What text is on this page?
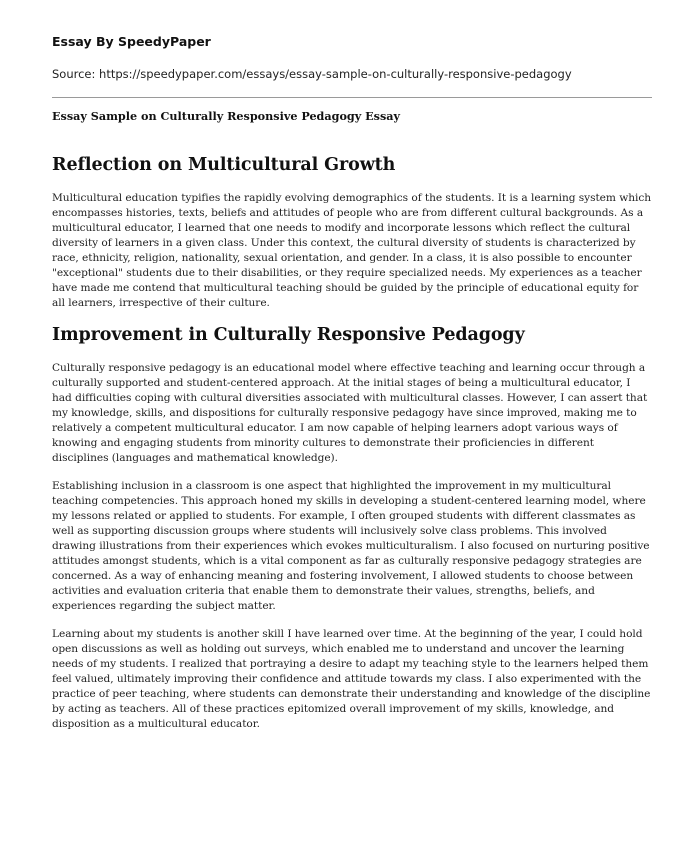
Essay By SpeedyPaper
Source: https://speedypaper.com/essays/essay-sample-on-culturally-responsive-pedagogy
Essay Sample on Culturally Responsive Pedagogy Essay
Reflection on Multicultural Growth

Multicultural education typifies the rapidly evolving demographics of the students. It is a learning system which encompasses histories, texts, beliefs and attitudes of people who are from different cultural backgrounds. As a multicultural educator, I learned that one needs to modify and incorporate lessons which reflect the cultural diversity of learners in a given class. Under this context, the cultural diversity of students is characterized by race, ethnicity, religion, nationality, sexual orientation, and gender. In a class, it is also possible to encounter "exceptional" students due to their disabilities, or they require specialized needs. My experiences as a teacher have made me contend that multicultural teaching should be guided by the principle of educational equity for all learners, irrespective of their culture.

Improvement in Culturally Responsive Pedagogy

Culturally responsive pedagogy is an educational model where effective teaching and learning occur through a culturally supported and student-centered approach. At the initial stages of being a multicultural educator, I had difficulties coping with cultural diversities associated with multicultural classes. However, I can assert that my knowledge, skills, and dispositions for culturally responsive pedagogy have since improved, making me to relatively a competent multicultural educator. I am now capable of helping learners adopt various ways of knowing and engaging students from minority cultures to demonstrate their proficiencies in different disciplines (languages and mathematical knowledge).

Establishing inclusion in a classroom is one aspect that highlighted the improvement in my multicultural teaching competencies. This approach honed my skills in developing a student-centered learning model, where my lessons related or applied to students. For example, I often grouped students with different classmates as well as supporting discussion groups where students will inclusively solve class problems. This involved drawing illustrations from their experiences which evokes multiculturalism. I also focused on nurturing positive attitudes amongst students, which is a vital component as far as culturally responsive pedagogy strategies are concerned. As a way of enhancing meaning and fostering involvement, I allowed students to choose between activities and evaluation criteria that enable them to demonstrate their values, strengths, beliefs, and experiences regarding the subject matter.

Learning about my students is another skill I have learned over time. At the beginning of the year, I could hold open discussions as well as holding out surveys, which enabled me to understand and uncover the learning needs of my students. I realized that portraying a desire to adapt my teaching style to the learners helped them feel valued, ultimately improving their confidence and attitude towards my class. I also experimented with the practice of peer teaching, where students can demonstrate their understanding and knowledge of the discipline by acting as teachers. All of these practices epitomized overall improvement of my skills, knowledge, and disposition as a multicultural educator.
